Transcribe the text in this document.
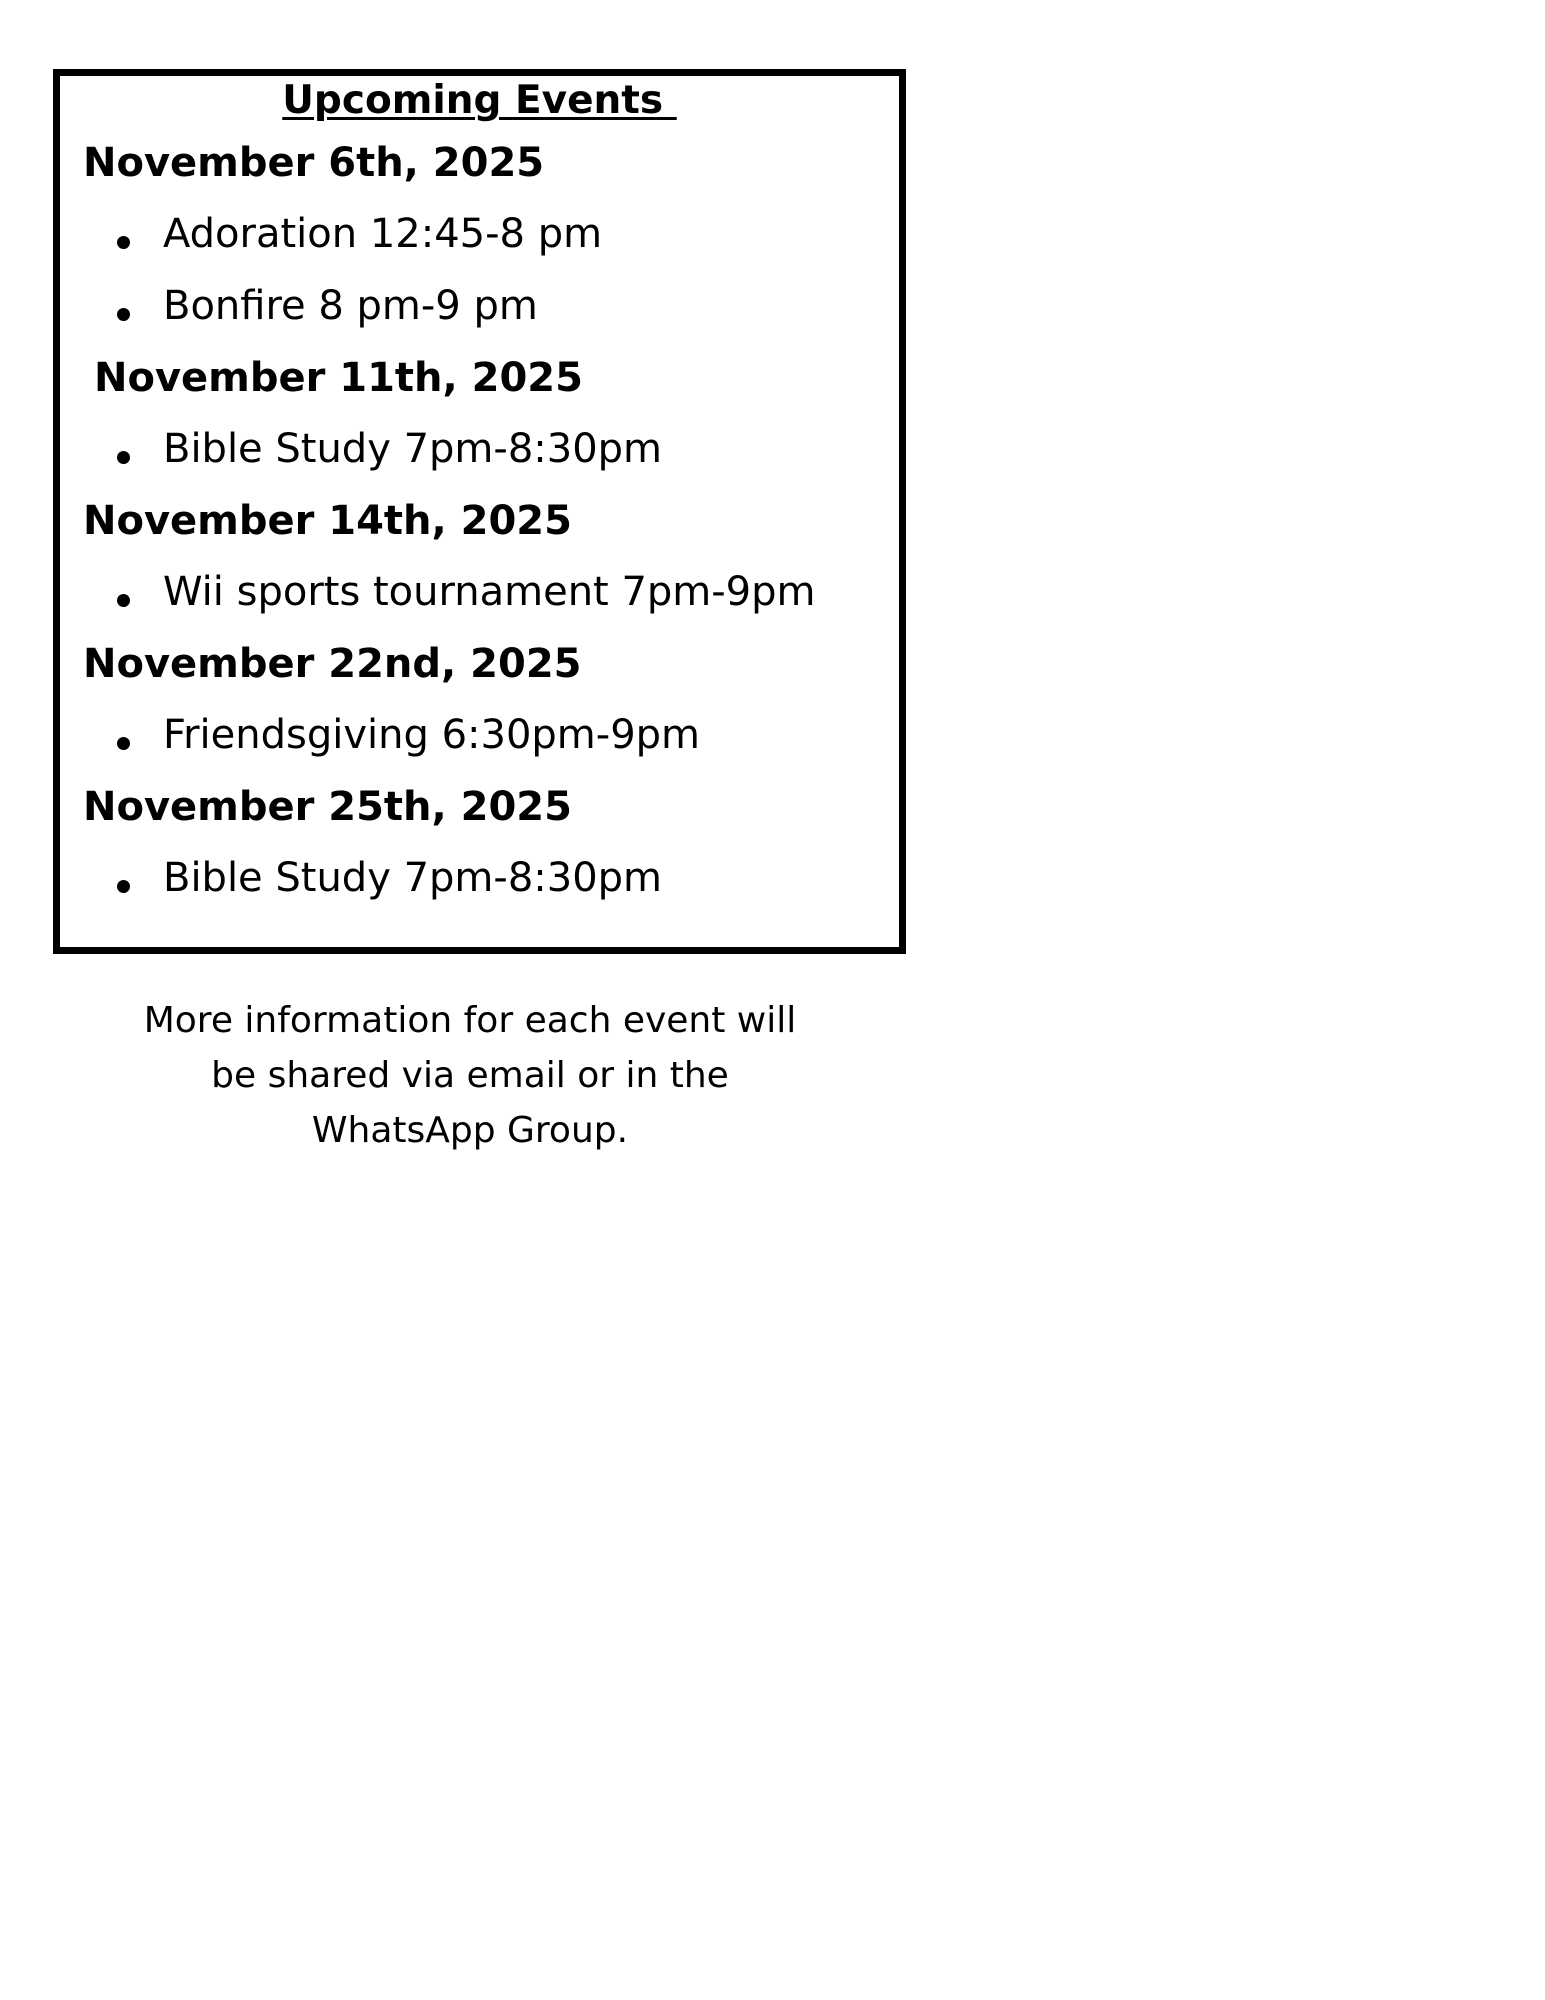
Upcoming Events
November 6th, 2025
Adoration 12:45-8 pm
Bonfire 8 pm-9 pm
November 11th, 2025
Bible Study 7pm-8:30pm
November 14th, 2025
Wii sports tournament 7pm-9pm
November 22nd, 2025
Friendsgiving 6:30pm-9pm
November 25th, 2025
Bible Study 7pm-8:30pm

More information for each event will be shared via email or in the WhatsApp Group.
